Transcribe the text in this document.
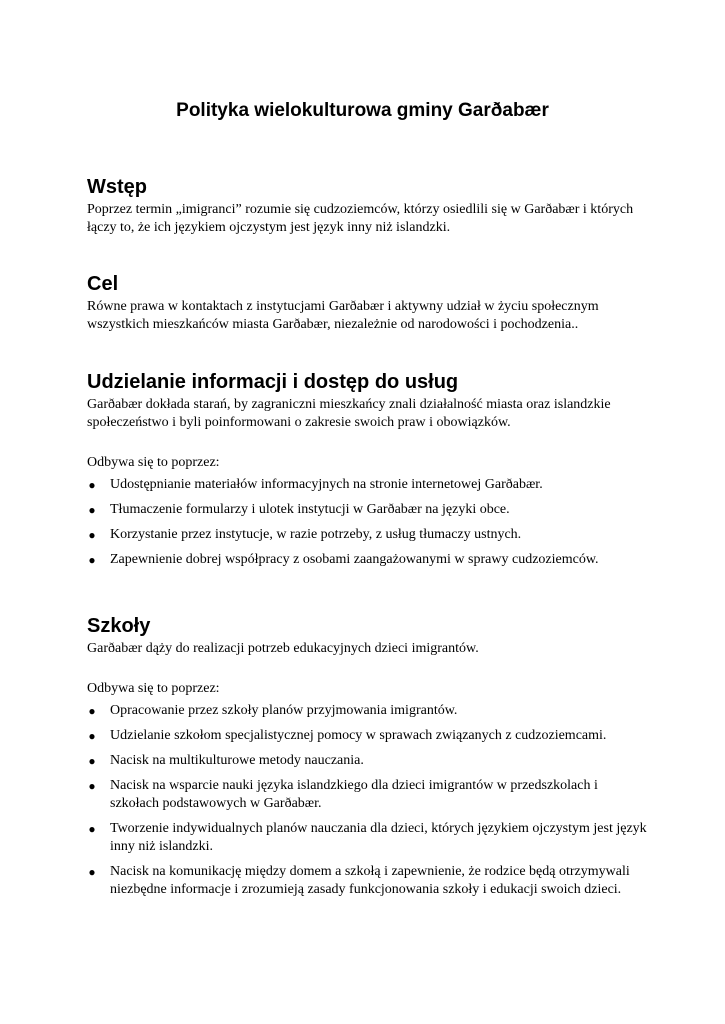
Polityka wielokulturowa gminy Garðabær
Wstęp

Poprzez termin „imigranci” rozumie się cudzoziemców, którzy osiedlili się w Garðabær i których łączy to, że ich językiem ojczystym jest język inny niż islandzki.

Cel

Równe prawa w kontaktach z instytucjami Garðabær i aktywny udział w życiu społecznym wszystkich mieszkańców miasta Garðabær, niezależnie od narodowości i pochodzenia..

Udzielanie informacji i dostęp do usług

Garðabær dokłada starań, by zagraniczni mieszkańcy znali działalność miasta oraz islandzkie społeczeństwo i byli poinformowani o zakresie swoich praw i obowiązków.

Odbywa się to poprzez:

● Udostępnianie materiałów informacyjnych na stronie internetowej Garðabær.
● Tłumaczenie formularzy i ulotek instytucji w Garðabær na języki obce.
● Korzystanie przez instytucje, w razie potrzeby, z usług tłumaczy ustnych.
● Zapewnienie dobrej współpracy z osobami zaangażowanymi w sprawy cudzoziemców.
Szkoły

Garðabær dąży do realizacji potrzeb edukacyjnych dzieci imigrantów.

Odbywa się to poprzez:

● Opracowanie przez szkoły planów przyjmowania imigrantów.
● Udzielanie szkołom specjalistycznej pomocy w sprawach związanych z cudzoziemcami.
● Nacisk na multikulturowe metody nauczania.
● Nacisk na wsparcie nauki języka islandzkiego dla dzieci imigrantów w przedszkolach i szkołach podstawowych w Garðabær.
● Tworzenie indywidualnych planów nauczania dla dzieci, których językiem ojczystym jest język inny niż islandzki.
● Nacisk na komunikację między domem a szkołą i zapewnienie, że rodzice będą otrzymywali niezbędne informacje i zrozumieją zasady funkcjonowania szkoły i edukacji swoich dzieci.
